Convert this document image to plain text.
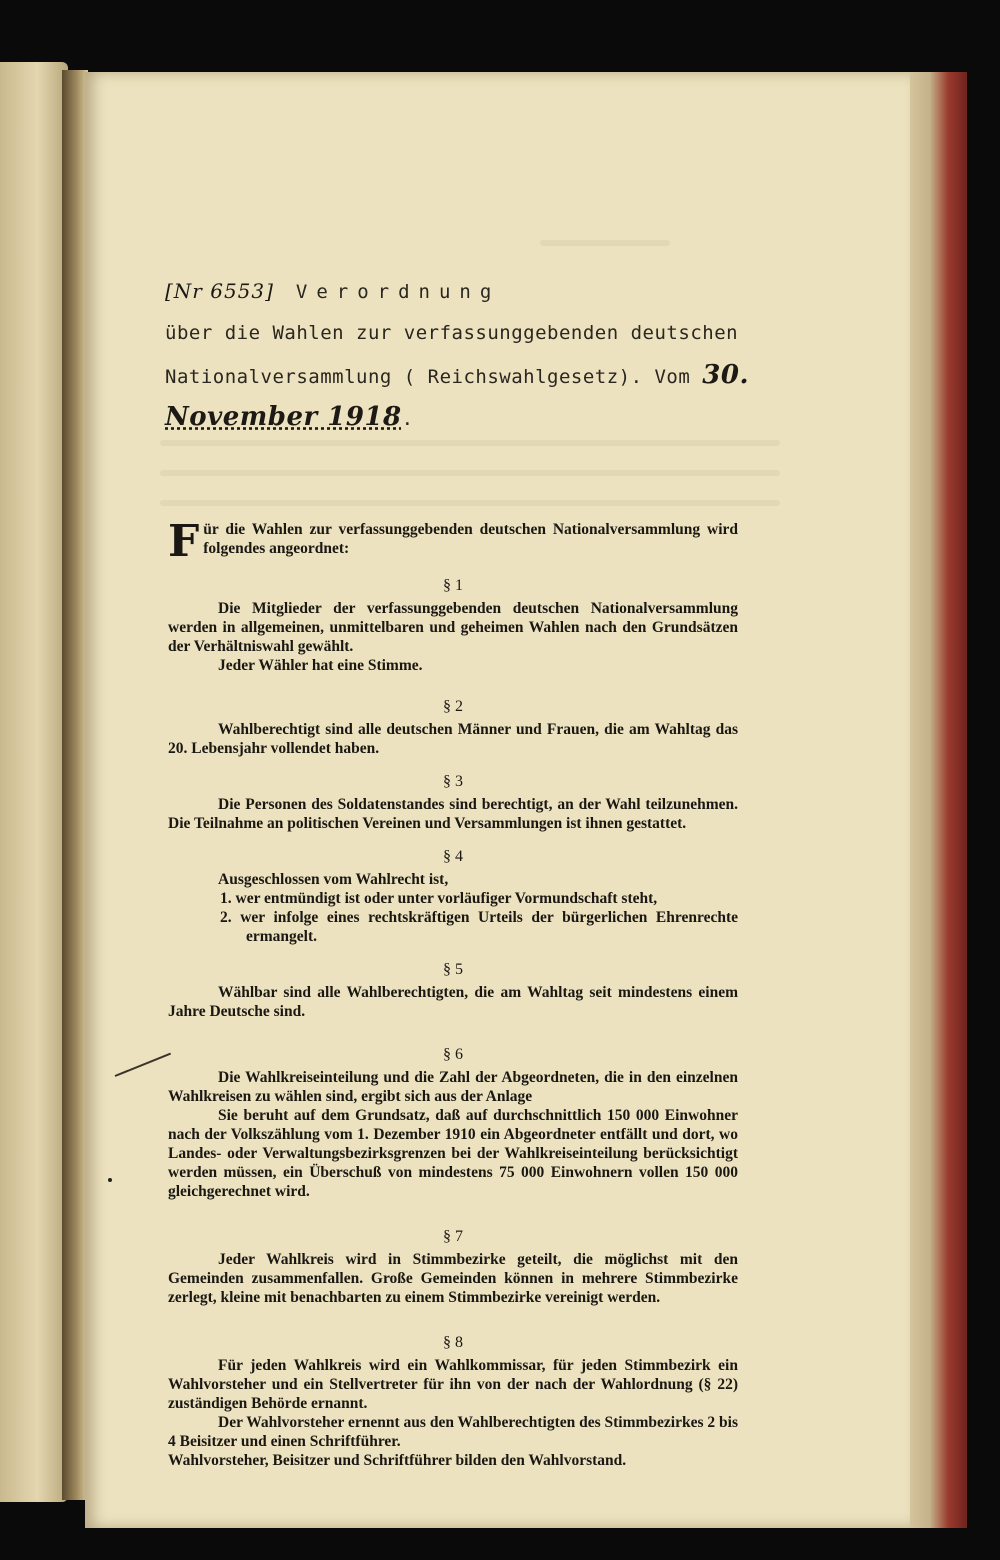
[Nr 6553] Verordnung
über die Wahlen zur verfassunggebenden deutschen
Nationalversammlung ( Reichswahlgesetz). Vom 30.
November 1918.

Für die Wahlen zur verfassunggebenden deutschen Nationalversammlung wird folgendes angeordnet:

§ 1

Die Mitglieder der verfassunggebenden deutschen Nationalversammlung werden in allgemeinen, unmittelbaren und geheimen Wahlen nach den Grundsätzen der Verhältniswahl gewählt.

Jeder Wähler hat eine Stimme.

§ 2

Wahlberechtigt sind alle deutschen Männer und Frauen, die am Wahltag das 20. Lebensjahr vollendet haben.

§ 3

Die Personen des Soldatenstandes sind berechtigt, an der Wahl teilzunehmen. Die Teilnahme an politischen Vereinen und Versammlungen ist ihnen gestattet.

§ 4

Ausgeschlossen vom Wahlrecht ist,

1. wer entmündigt ist oder unter vorläufiger Vormundschaft steht,

2. wer infolge eines rechtskräftigen Urteils der bürgerlichen Ehrenrechte ermangelt.

§ 5

Wählbar sind alle Wahlberechtigten, die am Wahltag seit mindestens einem Jahre Deutsche sind.

§ 6

Die Wahlkreiseinteilung und die Zahl der Abgeordneten, die in den einzelnen Wahlkreisen zu wählen sind, ergibt sich aus der Anlage

Sie beruht auf dem Grundsatz, daß auf durchschnittlich 150 000 Einwohner nach der Volkszählung vom 1. Dezember 1910 ein Abgeordneter entfällt und dort, wo Landes- oder Verwaltungsbezirksgrenzen bei der Wahlkreiseinteilung berücksichtigt werden müssen, ein Überschuß von mindestens 75 000 Einwohnern vollen 150 000 gleichgerechnet wird.

§ 7

Jeder Wahlkreis wird in Stimmbezirke geteilt, die möglichst mit den Gemeinden zusammenfallen. Große Gemeinden können in mehrere Stimmbezirke zerlegt, kleine mit benachbarten zu einem Stimmbezirke vereinigt werden.

§ 8

Für jeden Wahlkreis wird ein Wahlkommissar, für jeden Stimmbezirk ein Wahlvorsteher und ein Stellvertreter für ihn von der nach der Wahlordnung (§ 22) zuständigen Behörde ernannt.

Der Wahlvorsteher ernennt aus den Wahlberechtigten des Stimmbezirkes 2 bis 4 Beisitzer und einen Schriftführer.

Wahlvorsteher, Beisitzer und Schriftführer bilden den Wahlvorstand.
